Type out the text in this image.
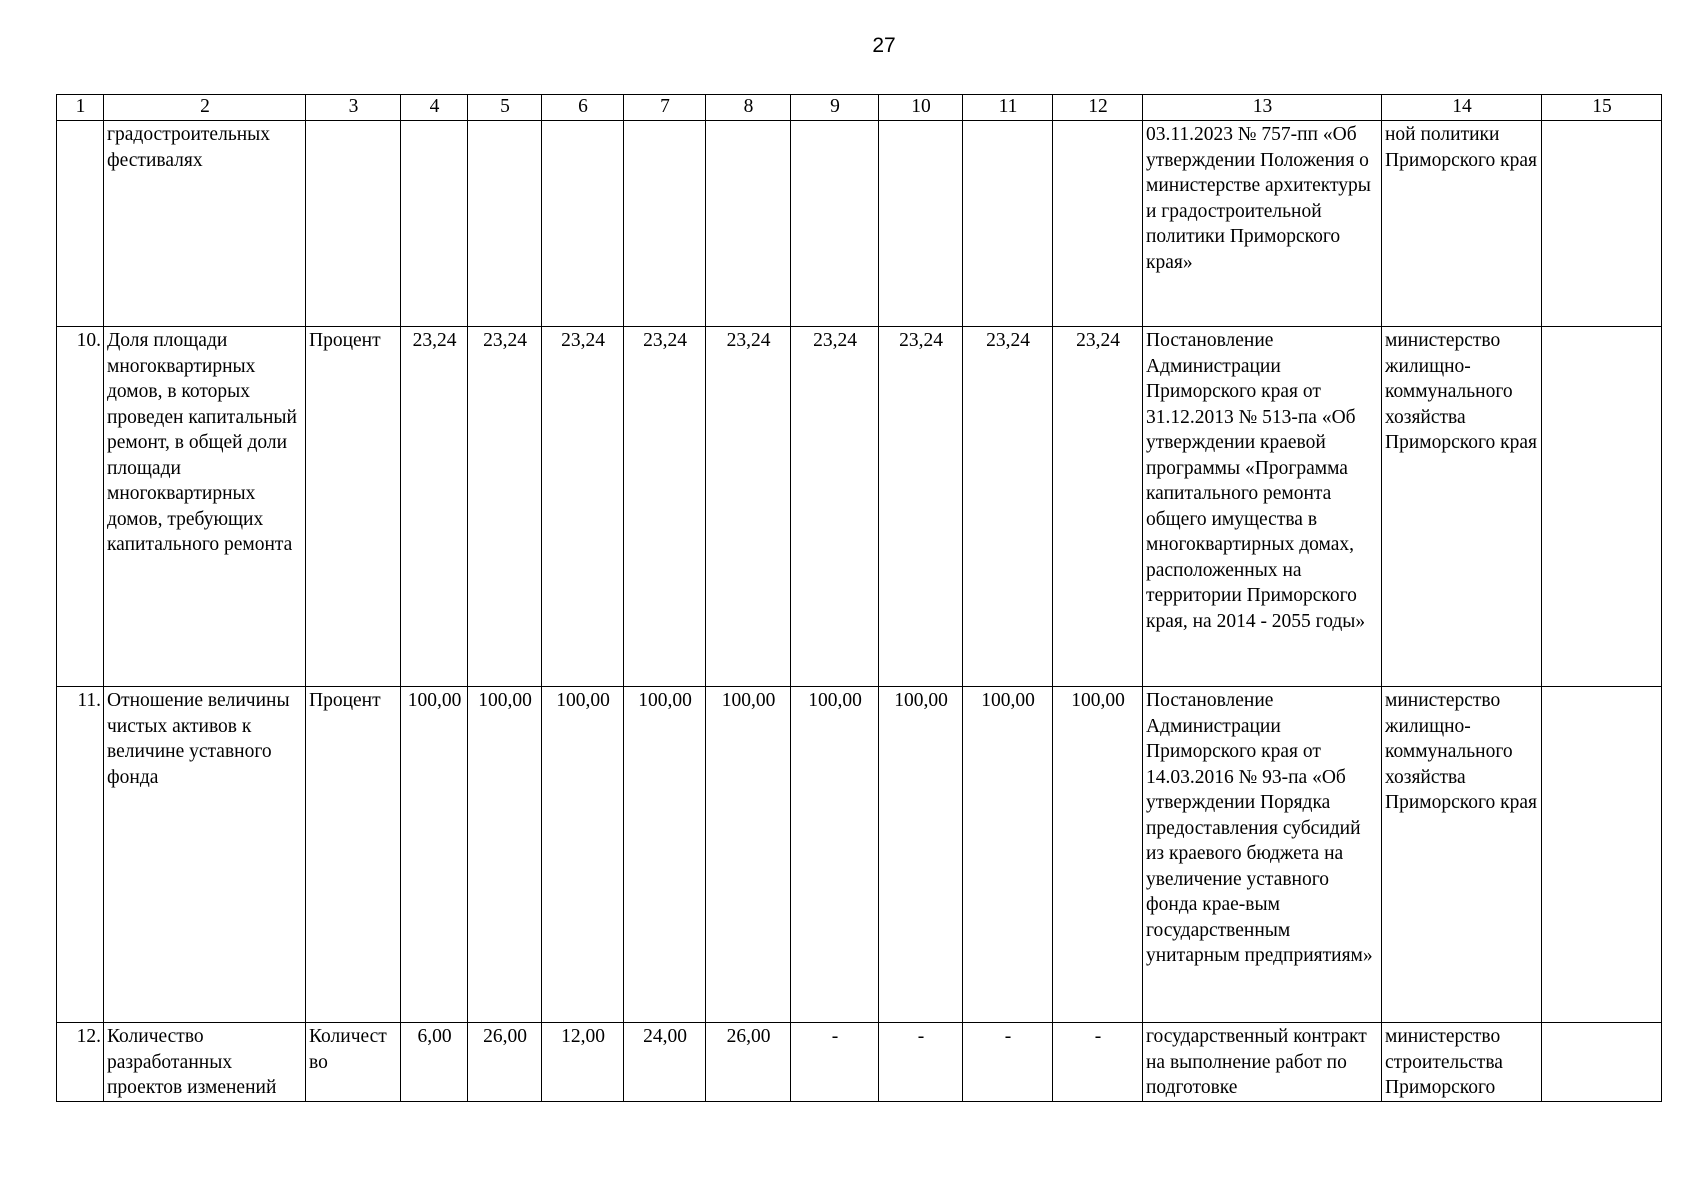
27
1	2	3	4	5	6	7	8	9	10	11	12	13	14	15
	градостроительных фестивалях											03.11.2023 № 757-пп «Об утверждении Положения о министерстве архитектуры и градостроительной политики Приморского края»	ной политики Приморского края	
10.	Доля площади многоквартирных домов, в которых проведен капитальный ремонт, в общей доли площади многоквартирных домов, требующих капитального ремонта	Процент	23,24	23,24	23,24	23,24	23,24	23,24	23,24	23,24	23,24	Постановление Администрации Приморского края от 31.12.2013 № 513-па «Об утверждении краевой программы «Программа капитального ремонта общего имущества в многоквартирных домах, расположенных на территории Приморского края, на 2014 - 2055 годы»	министерство жилищно-коммунального хозяйства Приморского края	
11.	Отношение величины чистых активов к величине уставного фонда	Процент	100,00	100,00	100,00	100,00	100,00	100,00	100,00	100,00	100,00	Постановление Администрации Приморского края от 14.03.2016 № 93-па «Об утверждении Порядка предоставления субсидий из краевого бюджета на увеличение уставного фонда крае-вым государственным унитарным предприятиям»	министерство жилищно-коммунального хозяйства Приморского края	
12.	Количество разработанных проектов изменений	Количест во	6,00	26,00	12,00	24,00	26,00	-	-	-	-	государственный контракт на выполнение работ по подготовке	министерство строительства Приморского	
